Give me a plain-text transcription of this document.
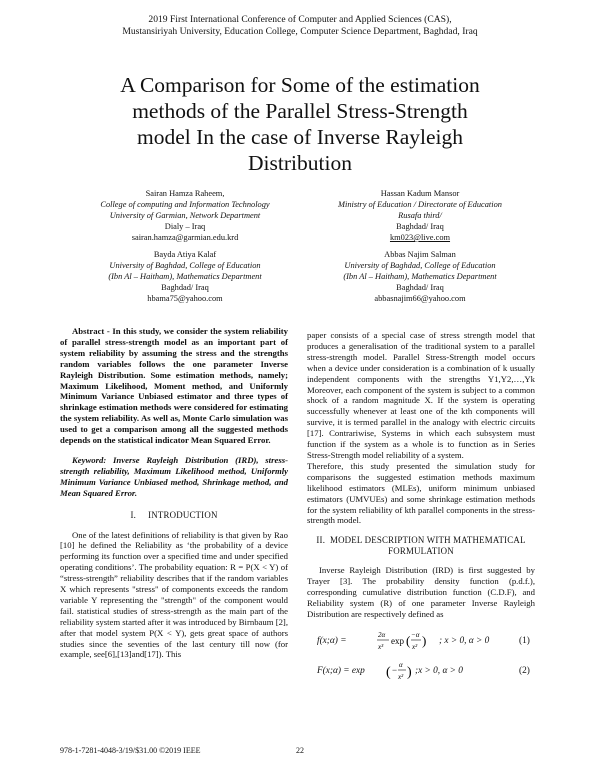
2019 First International Conference of Computer and Applied Sciences (CAS),
Mustansiriyah University, Education College, Computer Science Department, Baghdad, Iraq
A Comparison for Some of the estimation
methods of the Parallel Stress-Strength
model In the case of Inverse Rayleigh
Distribution
Sairan Hamza Raheem,
College of computing and Information Technology
University of Garmian, Network Department
Dialy – Iraq
sairan.hamza@garmian.edu.krd
Hassan Kadum Mansor
Ministry of Education / Directorate of Education
Rusafa third/
Baghdad/ Iraq
km023@live.com
Bayda Atiya Kalaf
University of Baghdad, College of Education
(Ibn Al – Haitham), Mathematics Department
Baghdad/ Iraq
hbama75@yahoo.com
Abbas Najim Salman
University of Baghdad, College of Education
(Ibn Al – Haitham), Mathematics Department
Baghdad/ Iraq
abbasnajim66@yahoo.com

Abstract - In this study, we consider the system reliability of parallel stress-strength model as an important part of system reliability by assuming the stress and the strengths random variables follows the one parameter Inverse Rayleigh Distribution. Some estimation methods, namely; Maximum Likelihood, Moment method, and Uniformly Minimum Variance Unbiased estimator and three types of shrinkage estimation methods were considered for estimating the system reliability. As well as, Monte Carlo simulation was used to get a comparison among all the suggested methods depends on the statistical indicator Mean Squared Error.

Keyword: Inverse Rayleigh Distribution (IRD), stress-strength reliability, Maximum Likelihood method, Uniformly Minimum Variance Unbiased method, Shrinkage method, and Mean Squared Error.

I. INTRODUCTION

One of the latest definitions of reliability is that given by Rao [10] he defined the Reliability as ‘the probability of a device performing its function over a specified time and under specified operating conditions’. The probability equation: R = P(X < Y) of “stress-strength” reliability describes that if the random variables X which represents "stress" of components exceeds the random variable Y representing the "strength" of the component would fail. statistical studies of stress-strength as the main part of the reliability system started after it was introduced by Birnbaum [2], after that model system P(X < Y), gets great space of authors studies since the seventies of the last century till now (for example, see[6],[13]and[17]). This

paper consists of a special case of stress strength model that produces a generalisation of the traditional system to a parallel stress-strength model. Parallel Stress-Strength model occurs when a device under consideration is a combination of k usually independent components with the strengths Y1,Y2,…,Yk Moreover, each component of the system is subject to a common shock of a random magnitude X. If the system is operating successfully whenever at least one of the kth components will survive, it is termed parallel in the analogy with electric circuits [17]. Contrariwise, Systems in which each subsystem must function if the system as a whole is to function as in Series Stress-Strength model reliability of a system.

Therefore, this study presented the simulation study for comparisons the suggested estimation methods maximum likelihood estimators (MLEs), uniform minimum unbiased estimators (UMVUEs) and some shrinkage estimation methods for the system reliability of kth parallel components in the stress-strength model.

II. MODEL DESCRIPTION WITH MATHEMATICAL FORMULATION

Inverse Rayleigh Distribution (IRD) is first suggested by Trayer [3]. The probability density function (p.d.f.), corresponding cumulative distribution function (C.D.F), and Reliability system (R) of one parameter Inverse Rayleigh Distribution are respectively defined as

f(x;α) =
2α
x³
exp ( −α
x² ) ; x > 0, α > 0	(1)
F(x;α) = exp ( − α
x² ) ;x > 0, α > 0	(2)
978-1-7281-4048-3/19/$31.00 ©2019 IEEE	22
